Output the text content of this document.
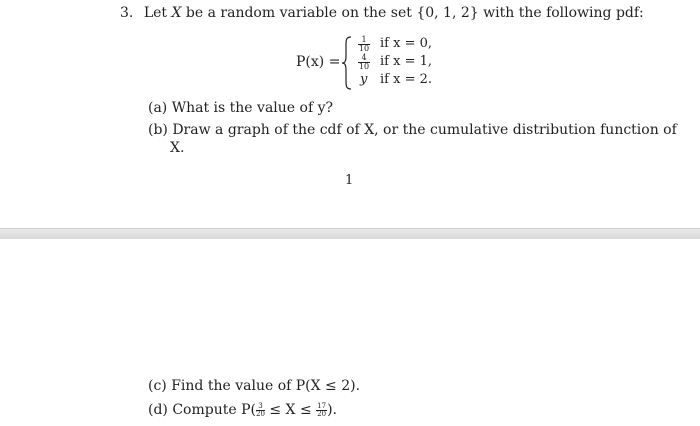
3. Let X be a random variable on the set {0, 1, 2} with the following pdf:
P(x) =
$\frac{1}{10}$ if x = 0,
$\frac{4}{10}$ if x = 1,
y if x = 2.
(a) What is the value of y?
(b) Draw a graph of the cdf of X, or the cumulative distribution function of
X.
1
(c) Find the value of P(X ≤ 2).
(d) Compute $P( \frac{3}{20} \le X \le \frac{17}{20}$ ).
